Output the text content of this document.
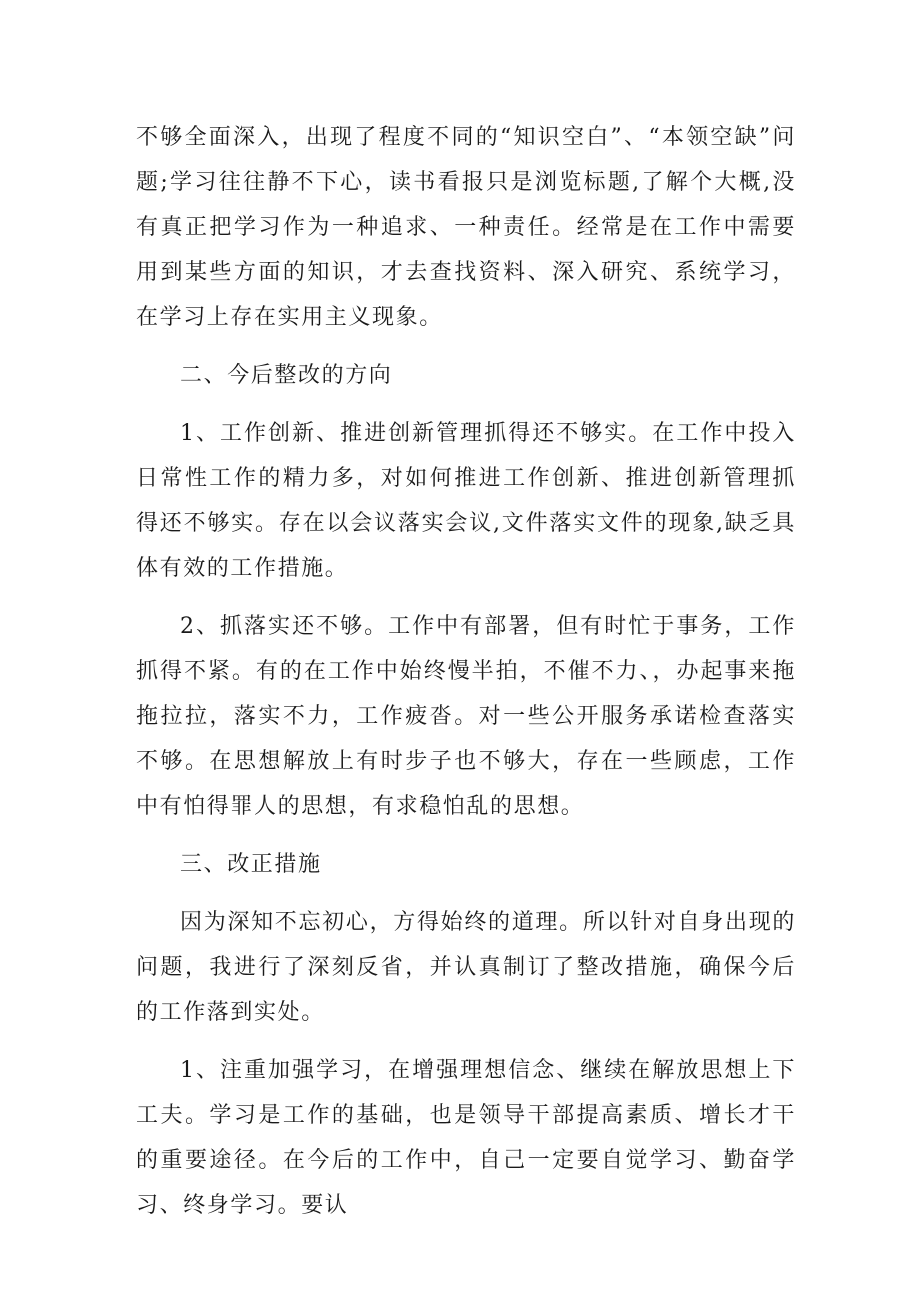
不够全面深入，出现了程度不同的“知识空白”、“本领空缺”问题;学习往往静不下心，读书看报只是浏览标题,了解个大概,没有真正把学习作为一种追求、一种责任。经常是在工作中需要用到某些方面的知识，才去查找资料、深入研究、系统学习，在学习上存在实用主义现象。

二、今后整改的方向

1、工作创新、推进创新管理抓得还不够实。在工作中投入日常性工作的精力多，对如何推进工作创新、推进创新管理抓得还不够实。存在以会议落实会议,文件落实文件的现象,缺乏具体有效的工作措施。

2、抓落实还不够。工作中有部署，但有时忙于事务，工作抓得不紧。有的在工作中始终慢半拍，不催不力、，办起事来拖拖拉拉，落实不力，工作疲沓。对一些公开服务承诺检查落实不够。在思想解放上有时步子也不够大，存在一些顾虑，工作中有怕得罪人的思想，有求稳怕乱的思想。

三、改正措施

因为深知不忘初心，方得始终的道理。所以针对自身出现的问题，我进行了深刻反省，并认真制订了整改措施，确保今后的工作落到实处。

1、注重加强学习，在增强理想信念、继续在解放思想上下工夫。学习是工作的基础，也是领导干部提高素质、增长才干的重要途径。在今后的工作中，自己一定要自觉学习、勤奋学习、终身学习。要认
